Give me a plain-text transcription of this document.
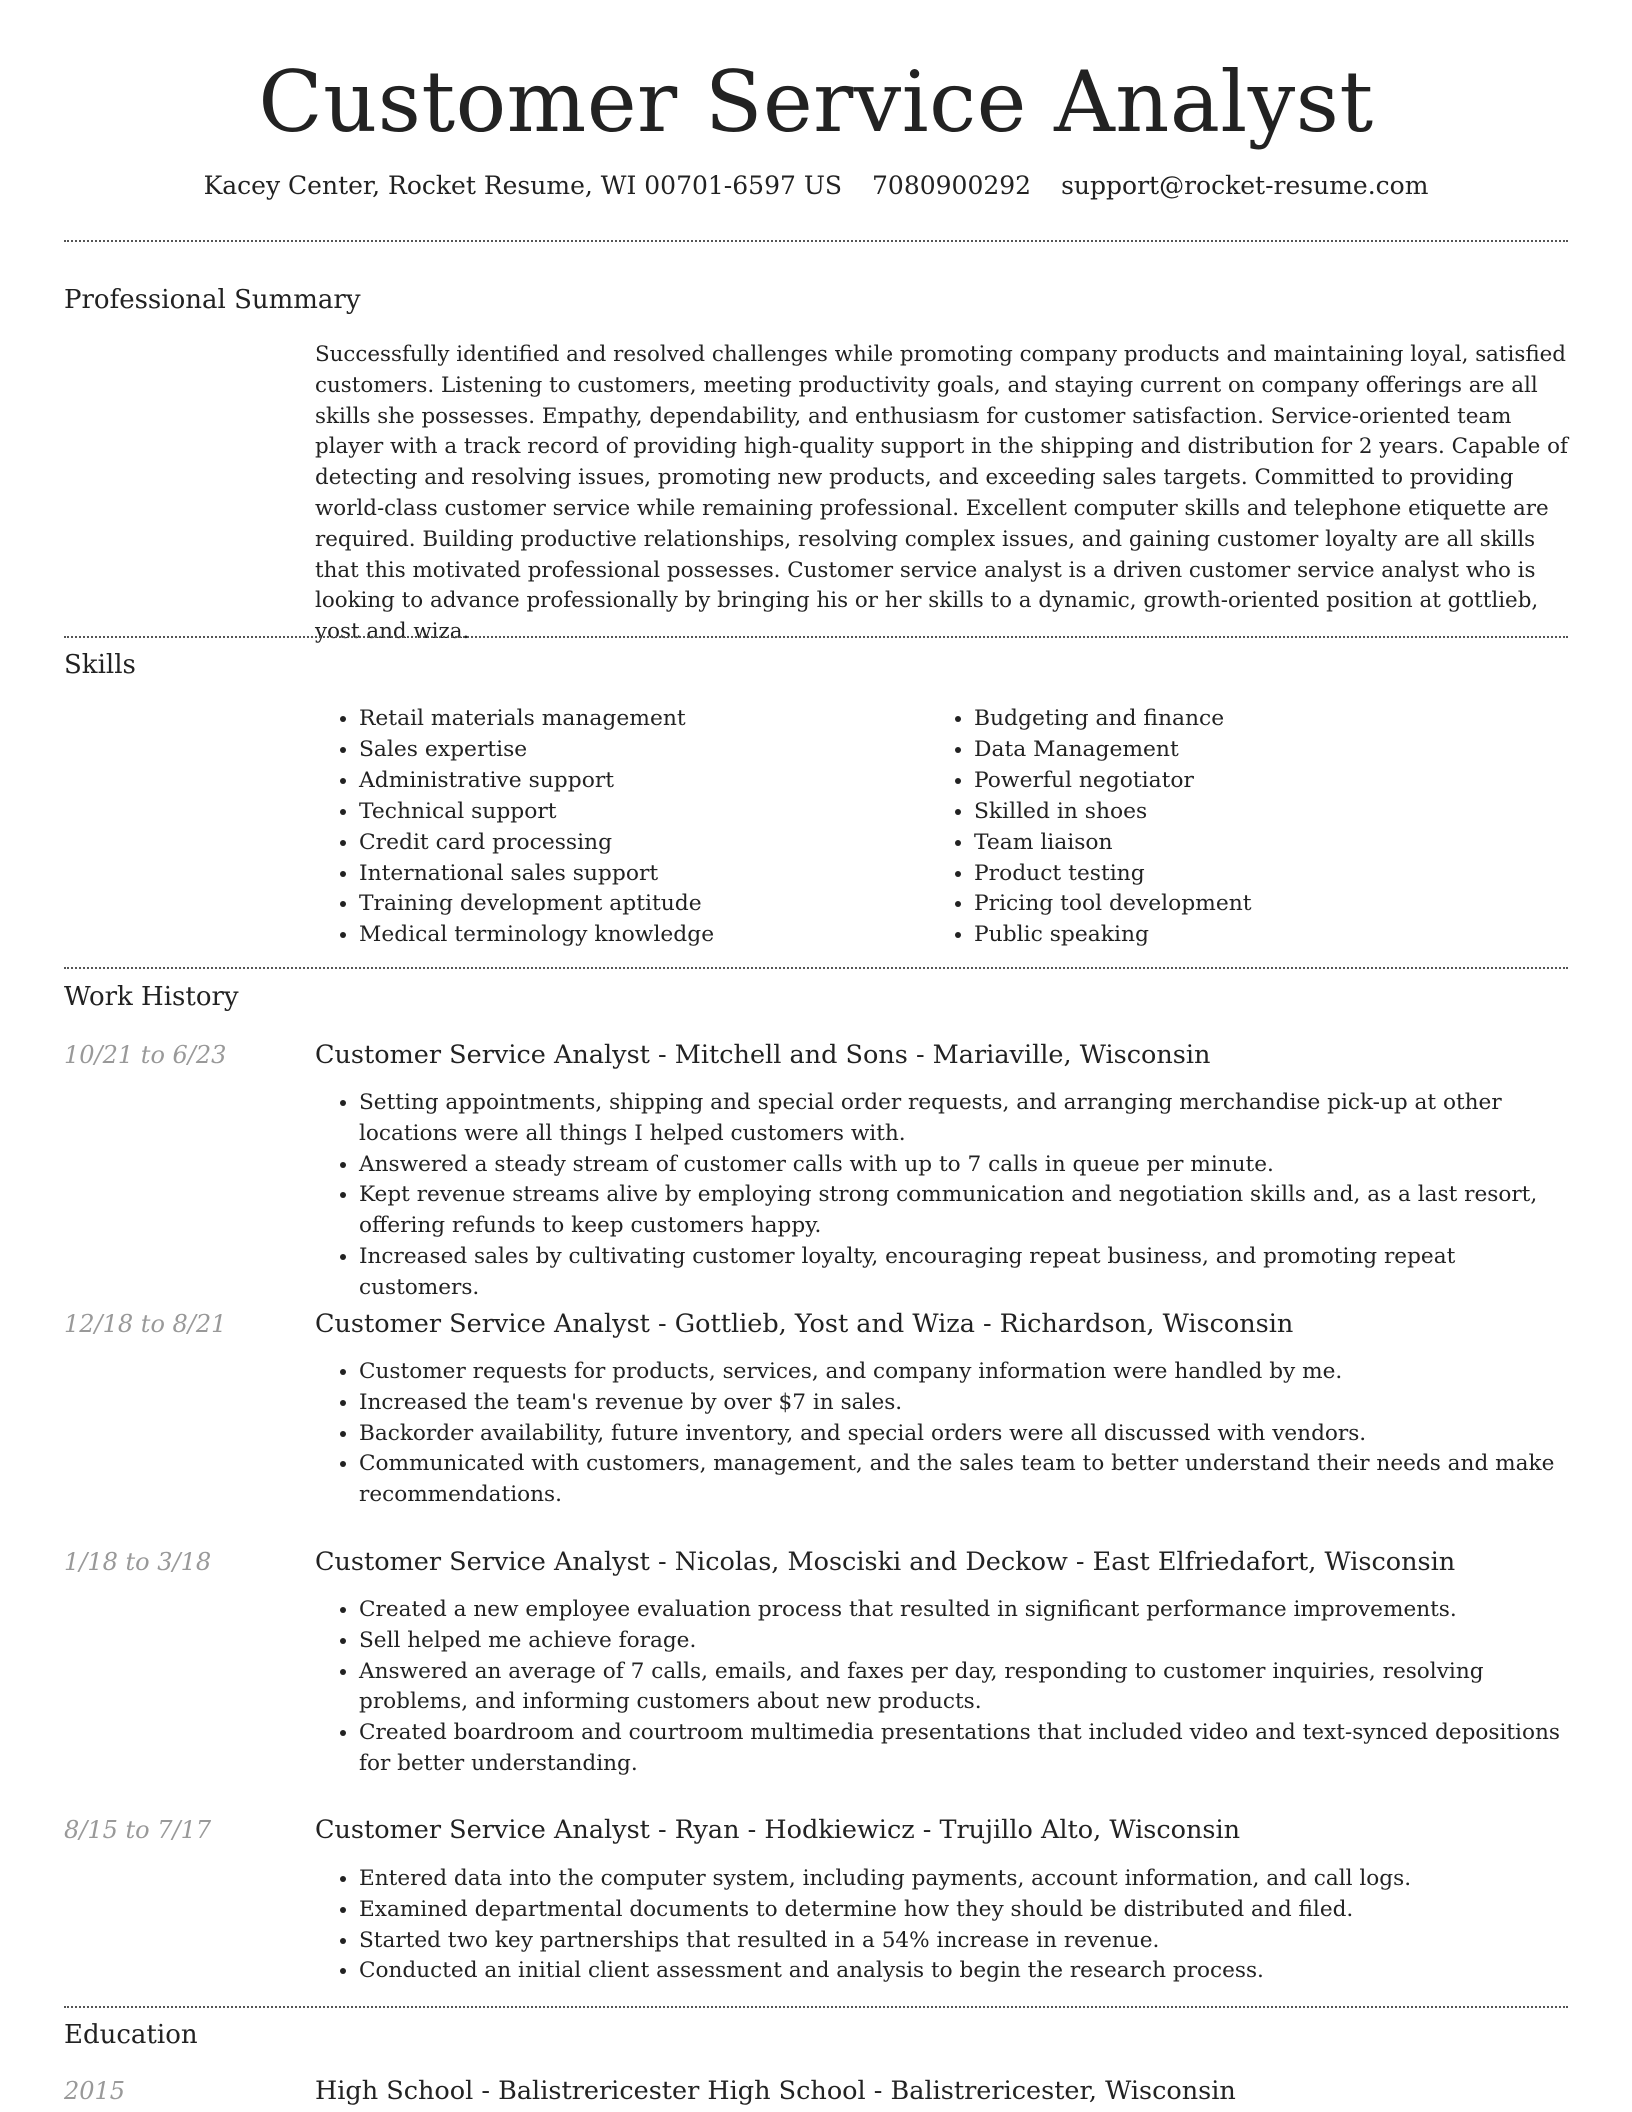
Customer Service Analyst
Kacey Center, Rocket Resume, WI 00701-6597 US 7080900292 support@rocket-resume.com
Professional Summary

Successfully identified and resolved challenges while promoting company products and maintaining loyal, satisfied customers. Listening to customers, meeting productivity goals, and staying current on company offerings are all skills she possesses. Empathy, dependability, and enthusiasm for customer satisfaction. Service-oriented team player with a track record of providing high-quality support in the shipping and distribution for 2 years. Capable of detecting and resolving issues, promoting new products, and exceeding sales targets. Committed to providing world-class customer service while remaining professional. Excellent computer skills and telephone etiquette are required. Building productive relationships, resolving complex issues, and gaining customer loyalty are all skills that this motivated professional possesses. Customer service analyst is a driven customer service analyst who is looking to advance professionally by bringing his or her skills to a dynamic, growth-oriented position at gottlieb, yost and wiza.

Skills
• Retail materials management
• Sales expertise
• Administrative support
• Technical support
• Credit card processing
• International sales support
• Training development aptitude
• Medical terminology knowledge
• Budgeting and finance
• Data Management
• Powerful negotiator
• Skilled in shoes
• Team liaison
• Product testing
• Pricing tool development
• Public speaking
Work History
10/21 to 6/23	Customer Service Analyst - Mitchell and Sons - Mariaville, Wisconsin
• Setting appointments, shipping and special order requests, and arranging merchandise pick-up at other locations were all things I helped customers with.
• Answered a steady stream of customer calls with up to 7 calls in queue per minute.
• Kept revenue streams alive by employing strong communication and negotiation skills and, as a last resort, offering refunds to keep customers happy.
• Increased sales by cultivating customer loyalty, encouraging repeat business, and promoting repeat customers.
12/18 to 8/21	Customer Service Analyst - Gottlieb, Yost and Wiza - Richardson, Wisconsin
• Customer requests for products, services, and company information were handled by me.
• Increased the team's revenue by over $7 in sales.
• Backorder availability, future inventory, and special orders were all discussed with vendors.
• Communicated with customers, management, and the sales team to better understand their needs and make recommendations.
1/18 to 3/18	Customer Service Analyst - Nicolas, Mosciski and Deckow - East Elfriedafort, Wisconsin
• Created a new employee evaluation process that resulted in significant performance improvements.
• Sell helped me achieve forage.
• Answered an average of 7 calls, emails, and faxes per day, responding to customer inquiries, resolving problems, and informing customers about new products.
• Created boardroom and courtroom multimedia presentations that included video and text-synced depositions for better understanding.
8/15 to 7/17	Customer Service Analyst - Ryan - Hodkiewicz - Trujillo Alto, Wisconsin
• Entered data into the computer system, including payments, account information, and call logs.
• Examined departmental documents to determine how they should be distributed and filed.
• Started two key partnerships that resulted in a 54% increase in revenue.
• Conducted an initial client assessment and analysis to begin the research process.
Education
2015	High School - Balistrericester High School - Balistrericester, Wisconsin
